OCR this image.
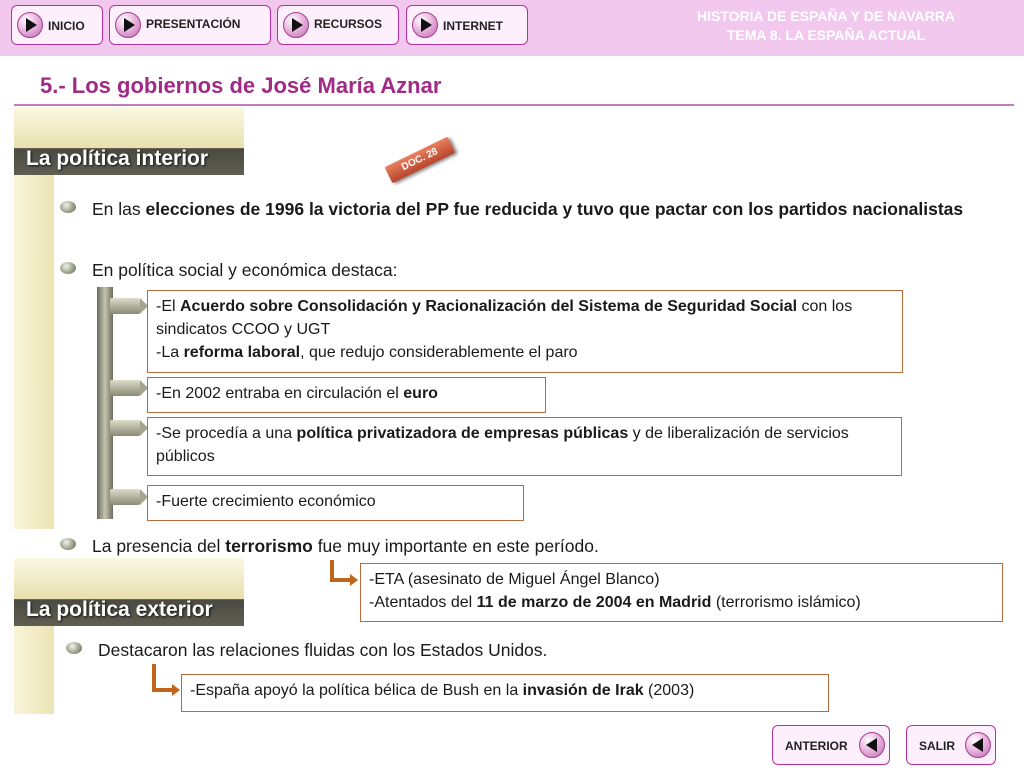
INICIO	PRESENTACIÓN	RECURSOS	INTERNET
HISTORIA DE ESPAÑA Y DE NAVARRA
TEMA 8. LA ESPAÑA ACTUAL
5.- Los gobiernos de José María Aznar
La política interior	DOC. 28
En las elecciones de 1996 la victoria del PP fue reducida y tuvo que pactar con los partidos nacionalistas
En política social y económica destaca:
-El Acuerdo sobre Consolidación y Racionalización del Sistema de Seguridad Social con los sindicatos CCOO y UGT
-La reforma laboral, que redujo considerablemente el paro
-En 2002 entraba en circulación el euro
-Se procedía a una política privatizadora de empresas públicas y de liberalización de servicios públicos
-Fuerte crecimiento económico
La presencia del terrorismo fue muy importante en este período.
-ETA (asesinato de Miguel Ángel Blanco)
-Atentados del 11 de marzo de 2004 en Madrid (terrorismo islámico)
La política exterior
Destacaron las relaciones fluidas con los Estados Unidos.
-España apoyó la política bélica de Bush en la invasión de Irak (2003)
ANTERIOR	SALIR
